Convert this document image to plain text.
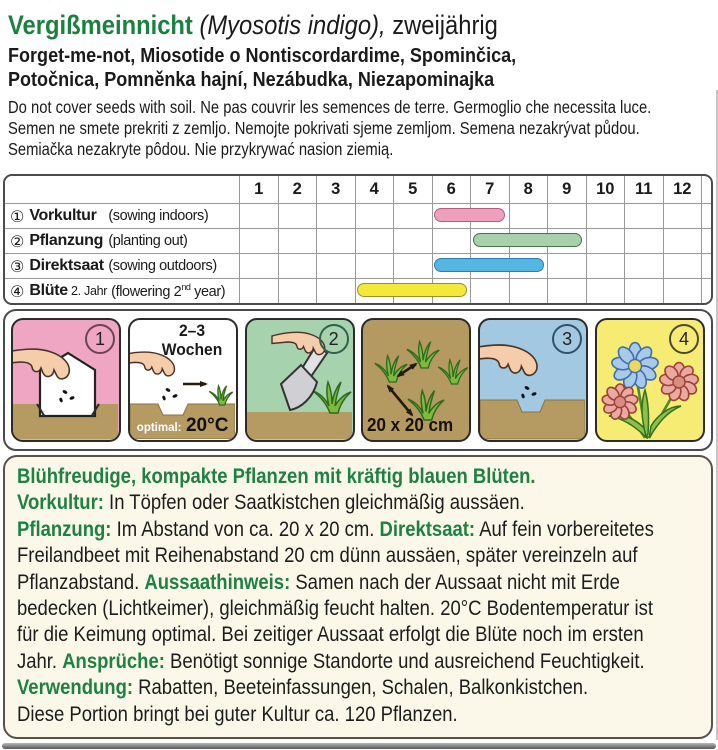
Vergißmeinnicht (Myosotis indigo), zweijährig
Forget-me-not, Miosotide o Nontiscordardime, Spominčica,
Potočnica, Pomněnka hajní, Nezábudka, Niezapominajka
Do not cover seeds with soil. Ne pas couvrir les semences de terre. Germoglio che necessita luce.
Semen ne smete prekriti z zemljo. Nemojte pokrivati sjeme zemljom. Semena nezakrývat půdou.
Semiačka nezakryte pôdou. Nie przykrywać nasion ziemią.
1	2	3	4	5	6	7	8	9	10	11	12
① Vorkultur (sowing indoors)
② Pflanzung (planting out)
③ Direktsaat (sowing outdoors)
④ Blüte 2. Jahr (flowering 2nd year)
1	2–3
Wochen
optimal: 20°C
2
20 x 20 cm
3	4
Blühfreudige, kompakte Pflanzen mit kräftig blauen Blüten.
Vorkultur: In Töpfen oder Saatkistchen gleichmäßig aussäen.
Pflanzung: Im Abstand von ca. 20 x 20 cm. Direktsaat: Auf fein vorbereitetes
Freilandbeet mit Reihenabstand 20 cm dünn aussäen, später vereinzeln auf
Pflanzabstand. Aussaathinweis: Samen nach der Aussaat nicht mit Erde
bedecken (Lichtkeimer), gleichmäßig feucht halten. 20°C Bodentemperatur ist
für die Keimung optimal. Bei zeitiger Aussaat erfolgt die Blüte noch im ersten
Jahr. Ansprüche: Benötigt sonnige Standorte und ausreichend Feuchtigkeit.
Verwendung: Rabatten, Beeteinfassungen, Schalen, Balkonkistchen.
Diese Portion bringt bei guter Kultur ca. 120 Pflanzen.
